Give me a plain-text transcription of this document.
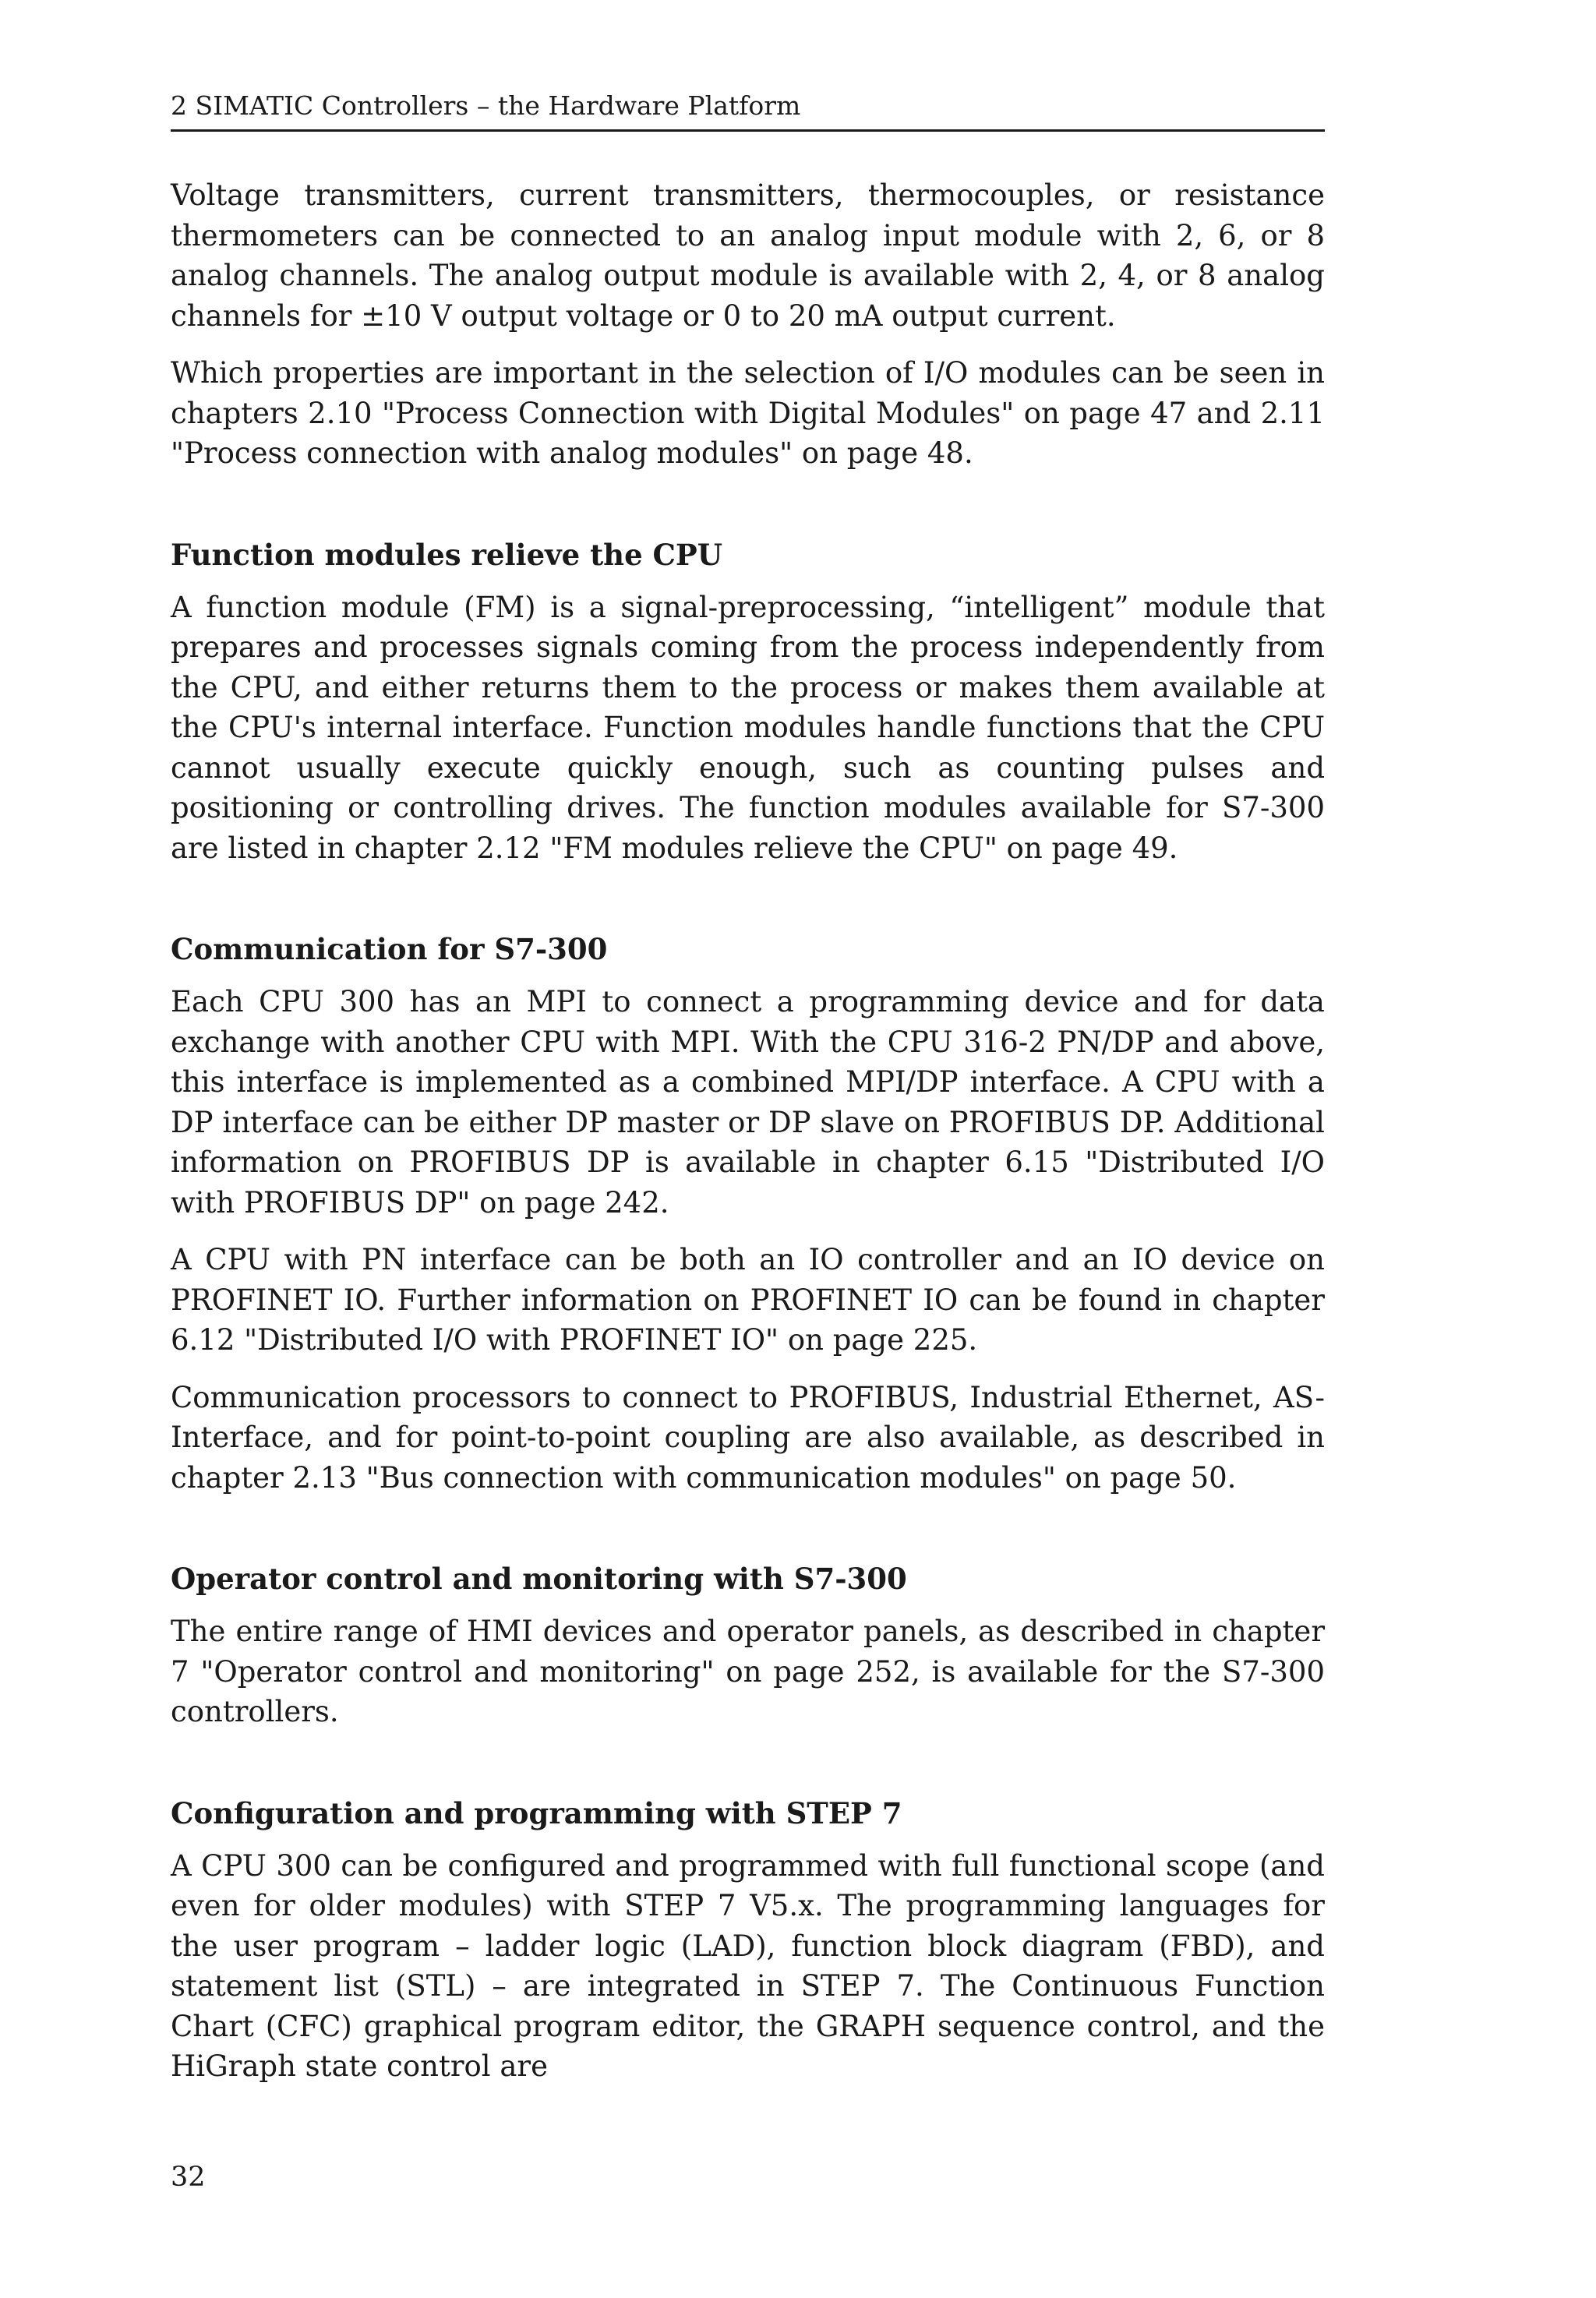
2 SIMATIC Controllers – the Hardware Platform

Voltage transmitters, current transmitters, thermocouples, or resistance thermometers can be connected to an analog input module with 2, 6, or 8 analog channels. The analog output module is available with 2, 4, or 8 analog channels for ±10 V output voltage or 0 to 20 mA output current.

Which properties are important in the selection of I/O modules can be seen in chapters 2.10 "Process Connection with Digital Modules" on page 47 and 2.11 "Process connection with analog modules" on page 48.

Function modules relieve the CPU

A function module (FM) is a signal-preprocessing, “intelligent” module that prepares and processes signals coming from the process independently from the CPU, and either returns them to the process or makes them available at the CPU's internal interface. Function modules handle functions that the CPU cannot usually execute quickly enough, such as counting pulses and positioning or controlling drives. The function modules available for S7-300 are listed in chapter 2.12 "FM modules relieve the CPU" on page 49.

Communication for S7-300

Each CPU 300 has an MPI to connect a programming device and for data exchange with another CPU with MPI. With the CPU 316-2 PN/DP and above, this interface is implemented as a combined MPI/DP interface. A CPU with a DP interface can be either DP master or DP slave on PROFIBUS DP. Additional information on PROFIBUS DP is available in chapter 6.15 "Distributed I/O with PROFIBUS DP" on page 242.

A CPU with PN interface can be both an IO controller and an IO device on PROFINET IO. Further information on PROFINET IO can be found in chapter 6.12 "Distributed I/O with PROFINET IO" on page 225.

Communication processors to connect to PROFIBUS, Industrial Ethernet, AS-Interface, and for point-to-point coupling are also available, as described in chapter 2.13 "Bus connection with communication modules" on page 50.

Operator control and monitoring with S7-300

The entire range of HMI devices and operator panels, as described in chapter 7 "Operator control and monitoring" on page 252, is available for the S7-300 controllers.

Configuration and programming with STEP 7

A CPU 300 can be configured and programmed with full functional scope (and even for older modules) with STEP 7 V5.x. The programming languages for the user program – ladder logic (LAD), function block diagram (FBD), and statement list (STL) – are integrated in STEP 7. The Continuous Function Chart (CFC) graphical program editor, the GRAPH sequence control, and the HiGraph state control are

32
